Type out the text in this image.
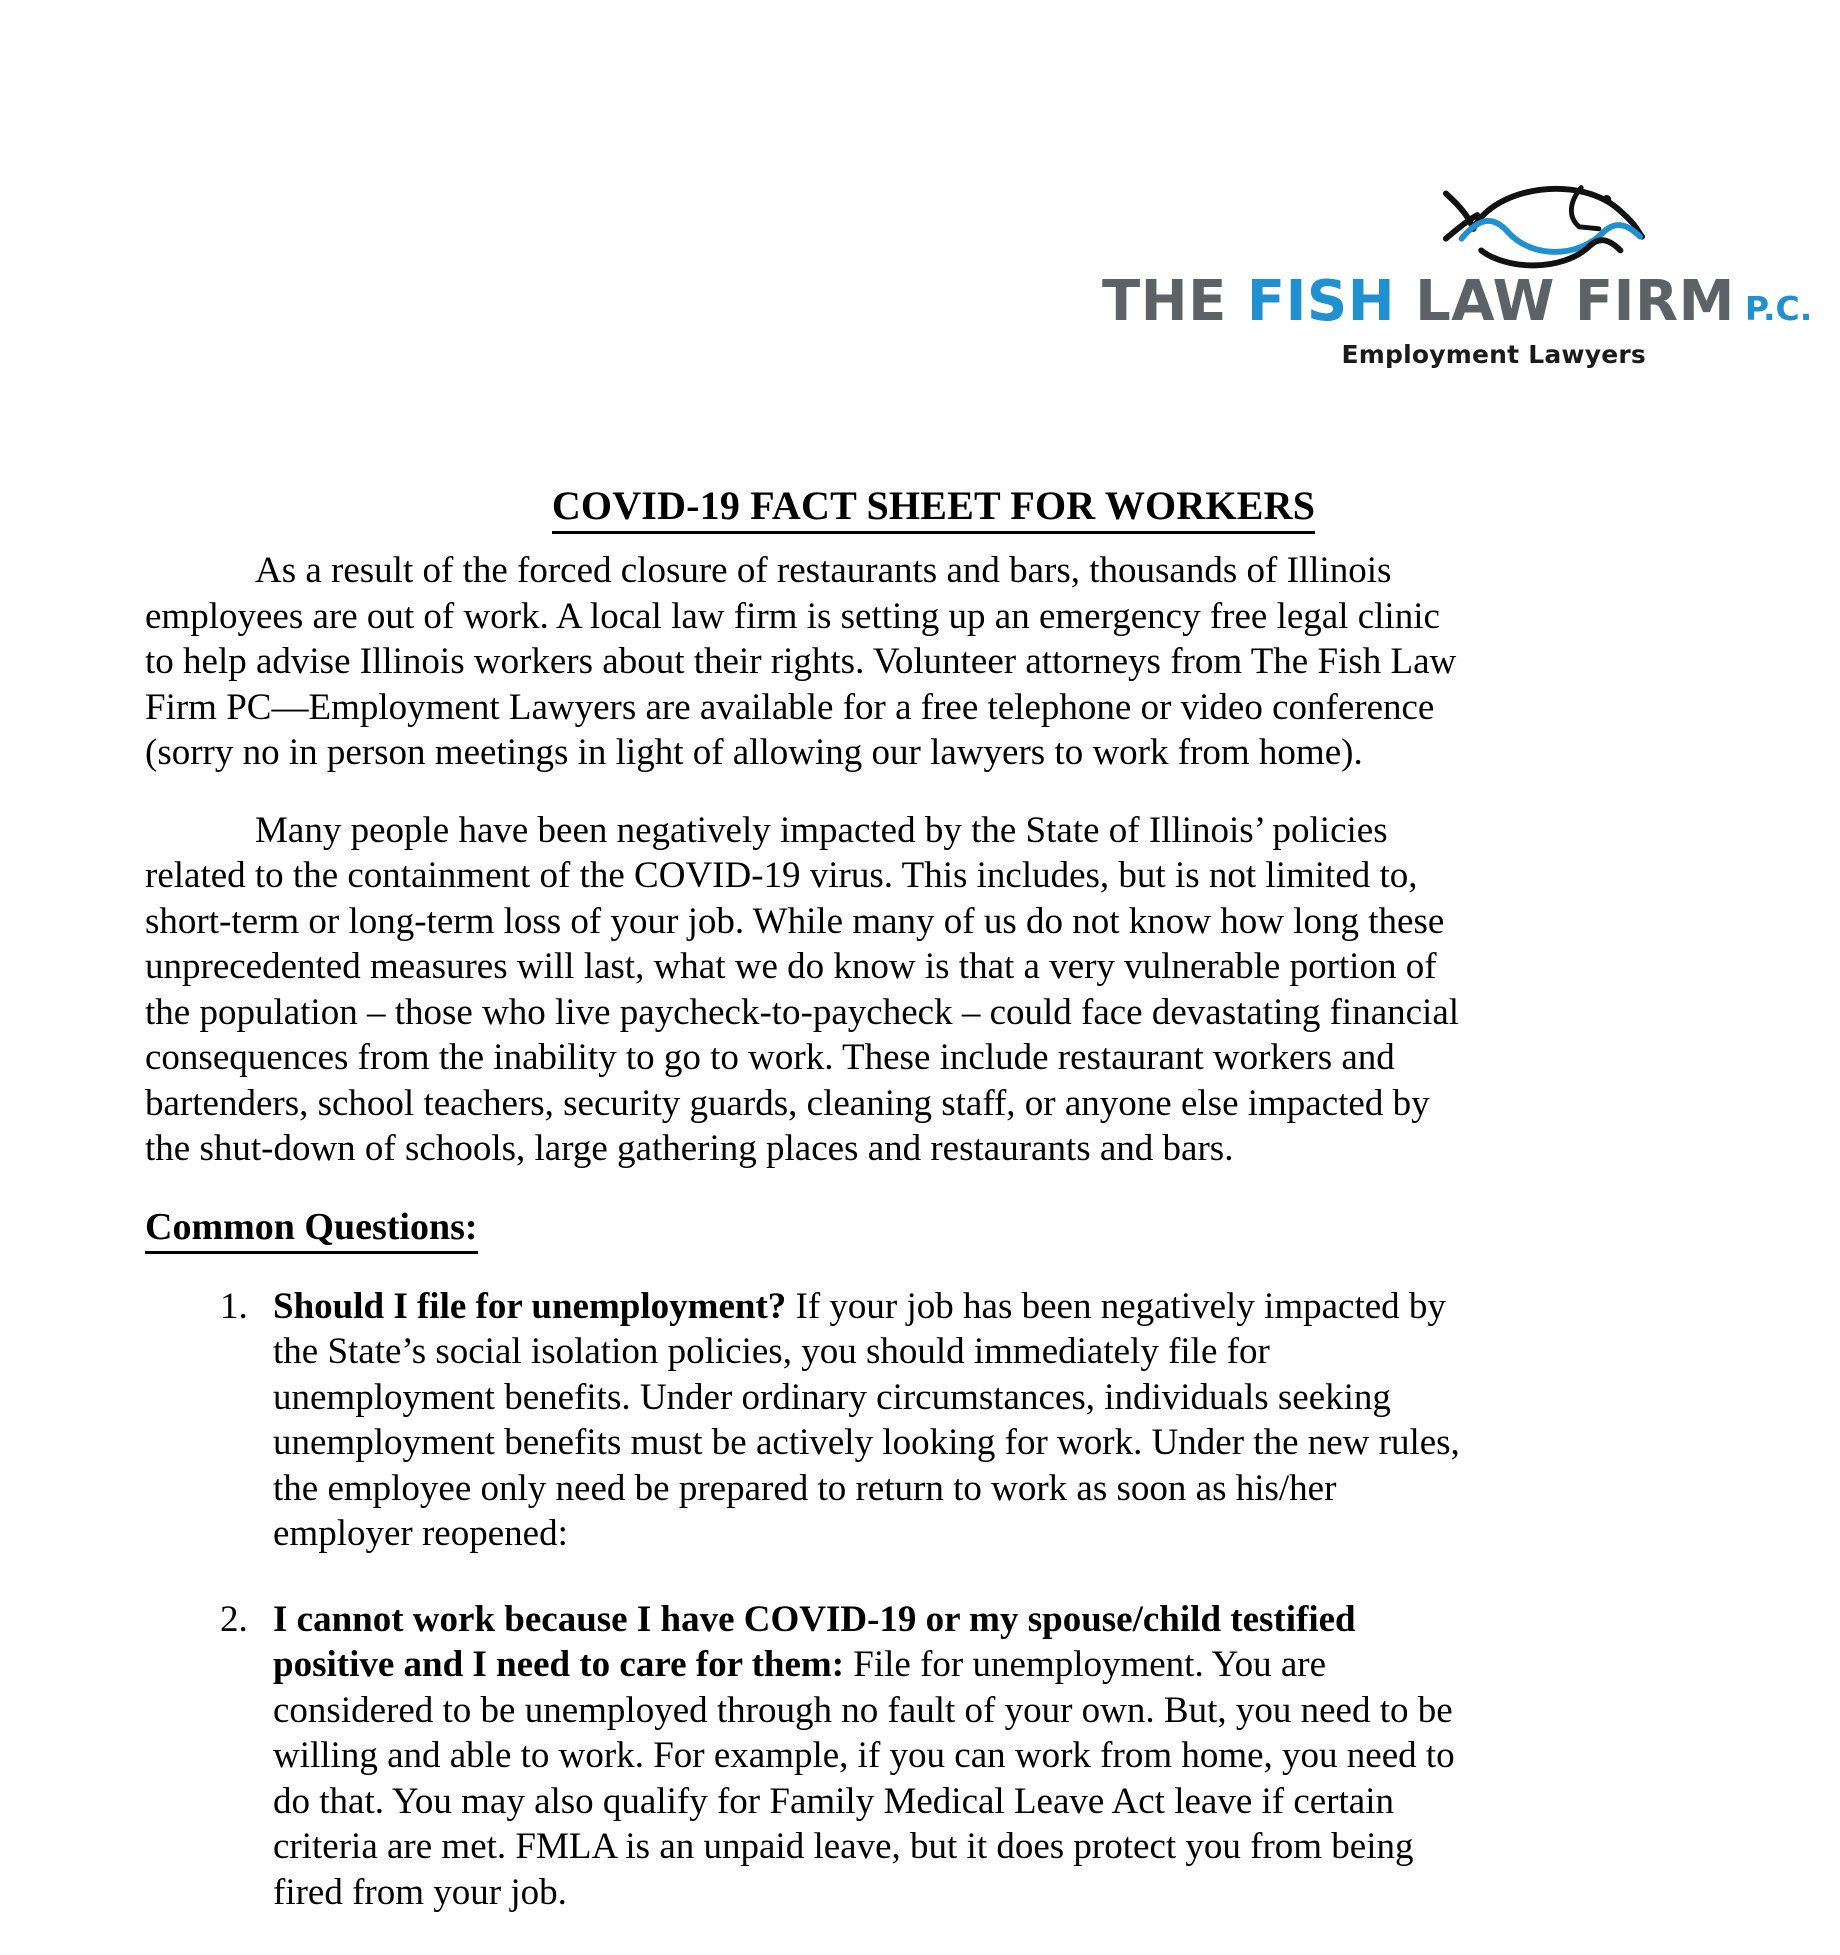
THE FISH LAW FIRM P.C.
Employment Lawyers
COVID-19 FACT SHEET FOR WORKERS

As a result of the forced closure of restaurants and bars, thousands of Illinois employees are out of work. A local law firm is setting up an emergency free legal clinic to help advise Illinois workers about their rights. Volunteer attorneys from The Fish Law Firm PC—Employment Lawyers are available for a free telephone or video conference (sorry no in person meetings in light of allowing our lawyers to work from home).

Many people have been negatively impacted by the State of Illinois’ policies related to the containment of the COVID-19 virus. This includes, but is not limited to, short-term or long-term loss of your job. While many of us do not know how long these unprecedented measures will last, what we do know is that a very vulnerable portion of the population – those who live paycheck-to-paycheck – could face devastating financial consequences from the inability to go to work. These include restaurant workers and bartenders, school teachers, security guards, cleaning staff, or anyone else impacted by the shut-down of schools, large gathering places and restaurants and bars.

Common Questions:
1. Should I file for unemployment? If your job has been negatively impacted by the State’s social isolation policies, you should immediately file for unemployment benefits. Under ordinary circumstances, individuals seeking unemployment benefits must be actively looking for work. Under the new rules, the employee only need be prepared to return to work as soon as his/her employer reopened:
2. I cannot work because I have COVID-19 or my spouse/child testified positive and I need to care for them: File for unemployment. You are considered to be unemployed through no fault of your own. But, you need to be willing and able to work. For example, if you can work from home, you need to do that. You may also qualify for Family Medical Leave Act leave if certain criteria are met. FMLA is an unpaid leave, but it does protect you from being fired from your job.
